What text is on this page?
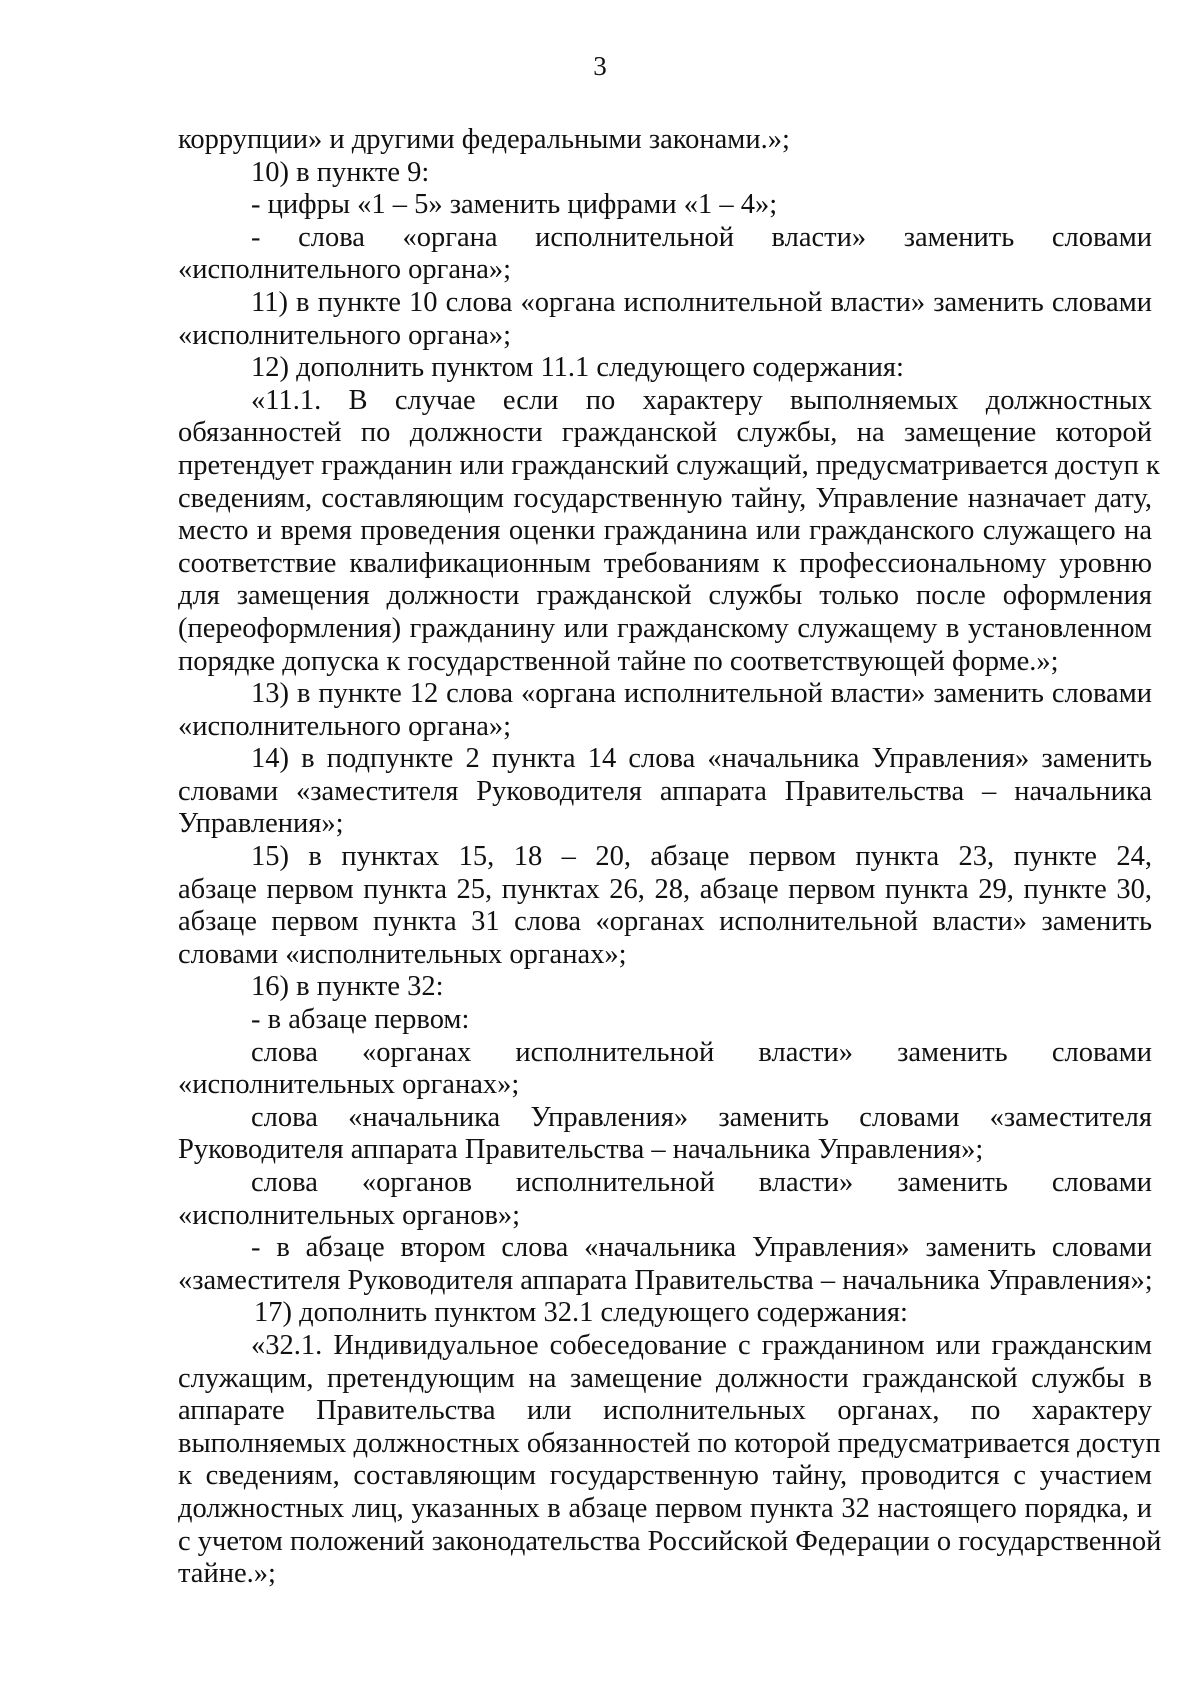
3
коррупции» и другими федеральными законами.»;
10) в пункте 9:
- цифры «1 – 5» заменить цифрами «1 – 4»;
- слова «органа исполнительной власти» заменить словами
«исполнительного органа»;
11) в пункте 10 слова «органа исполнительной власти» заменить словами
«исполнительного органа»;
12) дополнить пунктом 11.1 следующего содержания:
«11.1. В случае если по характеру выполняемых должностных
обязанностей по должности гражданской службы, на замещение которой
претендует гражданин или гражданский служащий, предусматривается доступ к
сведениям, составляющим государственную тайну, Управление назначает дату,
место и время проведения оценки гражданина или гражданского служащего на
соответствие квалификационным требованиям к профессиональному уровню
для замещения должности гражданской службы только после оформления
(переоформления) гражданину или гражданскому служащему в установленном
порядке допуска к государственной тайне по соответствующей форме.»;
13) в пункте 12 слова «органа исполнительной власти» заменить словами
«исполнительного органа»;
14) в подпункте 2 пункта 14 слова «начальника Управления» заменить
словами «заместителя Руководителя аппарата Правительства – начальника
Управления»;
15) в пунктах 15, 18 – 20, абзаце первом пункта 23, пункте 24,
абзаце первом пункта 25, пунктах 26, 28, абзаце первом пункта 29, пункте 30,
абзаце первом пункта 31 слова «органах исполнительной власти» заменить
словами «исполнительных органах»;
16) в пункте 32:
- в абзаце первом:
слова «органах исполнительной власти» заменить словами
«исполнительных органах»;
слова «начальника Управления» заменить словами «заместителя
Руководителя аппарата Правительства – начальника Управления»;
слова «органов исполнительной власти» заменить словами
«исполнительных органов»;
- в абзаце втором слова «начальника Управления» заменить словами
«заместителя Руководителя аппарата Правительства – начальника Управления»;
17) дополнить пунктом 32.1 следующего содержания:
«32.1. Индивидуальное собеседование с гражданином или гражданским
служащим, претендующим на замещение должности гражданской службы в
аппарате Правительства или исполнительных органах, по характеру
выполняемых должностных обязанностей по которой предусматривается доступ
к сведениям, составляющим государственную тайну, проводится с участием
должностных лиц, указанных в абзаце первом пункта 32 настоящего порядка, и
с учетом положений законодательства Российской Федерации о государственной
тайне.»;
